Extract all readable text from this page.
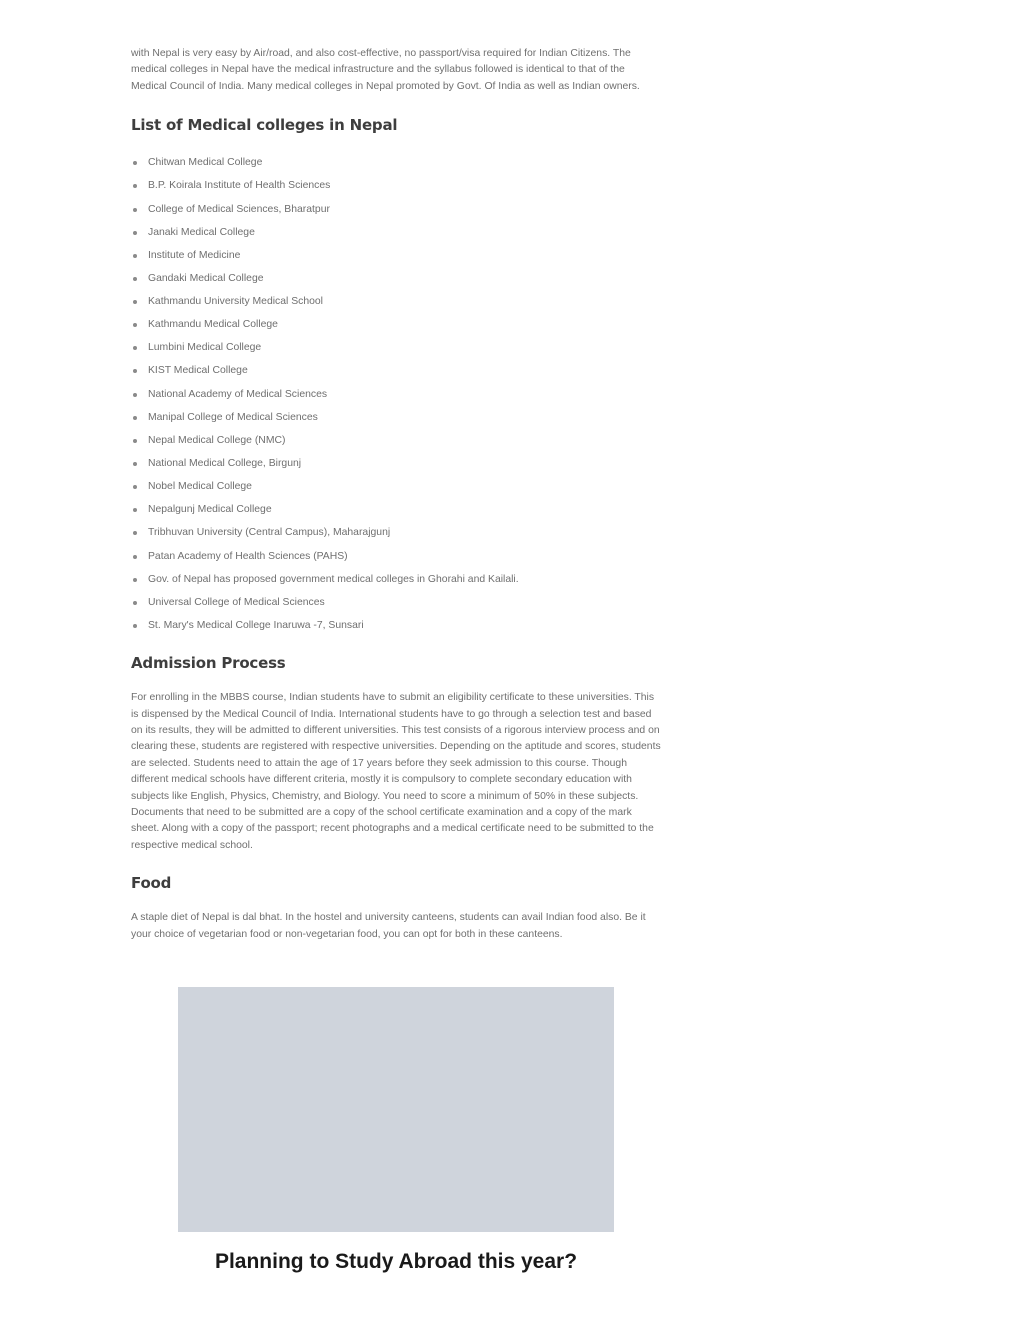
with Nepal is very easy by Air/road, and also cost-effective, no passport/visa required for Indian Citizens. The medical colleges in Nepal have the medical infrastructure and the syllabus followed is identical to that of the Medical Council of India. Many medical colleges in Nepal promoted by Govt. Of India as well as Indian owners.

List of Medical colleges in Nepal
Chitwan Medical College
B.P. Koirala Institute of Health Sciences
College of Medical Sciences, Bharatpur
Janaki Medical College
Institute of Medicine
Gandaki Medical College
Kathmandu University Medical School
Kathmandu Medical College
Lumbini Medical College
KIST Medical College
National Academy of Medical Sciences
Manipal College of Medical Sciences
Nepal Medical College (NMC)
National Medical College, Birgunj
Nobel Medical College
Nepalgunj Medical College
Tribhuvan University (Central Campus), Maharajgunj
Patan Academy of Health Sciences (PAHS)
Gov. of Nepal has proposed government medical colleges in Ghorahi and Kailali.
Universal College of Medical Sciences
St. Mary's Medical College Inaruwa -7, Sunsari
Admission Process

For enrolling in the MBBS course, Indian students have to submit an eligibility certificate to these universities. This is dispensed by the Medical Council of India. International students have to go through a selection test and based on its results, they will be admitted to different universities. This test consists of a rigorous interview process and on clearing these, students are registered with respective universities. Depending on the aptitude and scores, students are selected. Students need to attain the age of 17 years before they seek admission to this course. Though different medical schools have different criteria, mostly it is compulsory to complete secondary education with subjects like English, Physics, Chemistry, and Biology. You need to score a minimum of 50% in these subjects. Documents that need to be submitted are a copy of the school certificate examination and a copy of the mark sheet. Along with a copy of the passport; recent photographs and a medical certificate need to be submitted to the respective medical school.

Food

A staple diet of Nepal is dal bhat. In the hostel and university canteens, students can avail Indian food also. Be it your choice of vegetarian food or non-vegetarian food, you can opt for both in these canteens.

Planning to Study Abroad this year?
